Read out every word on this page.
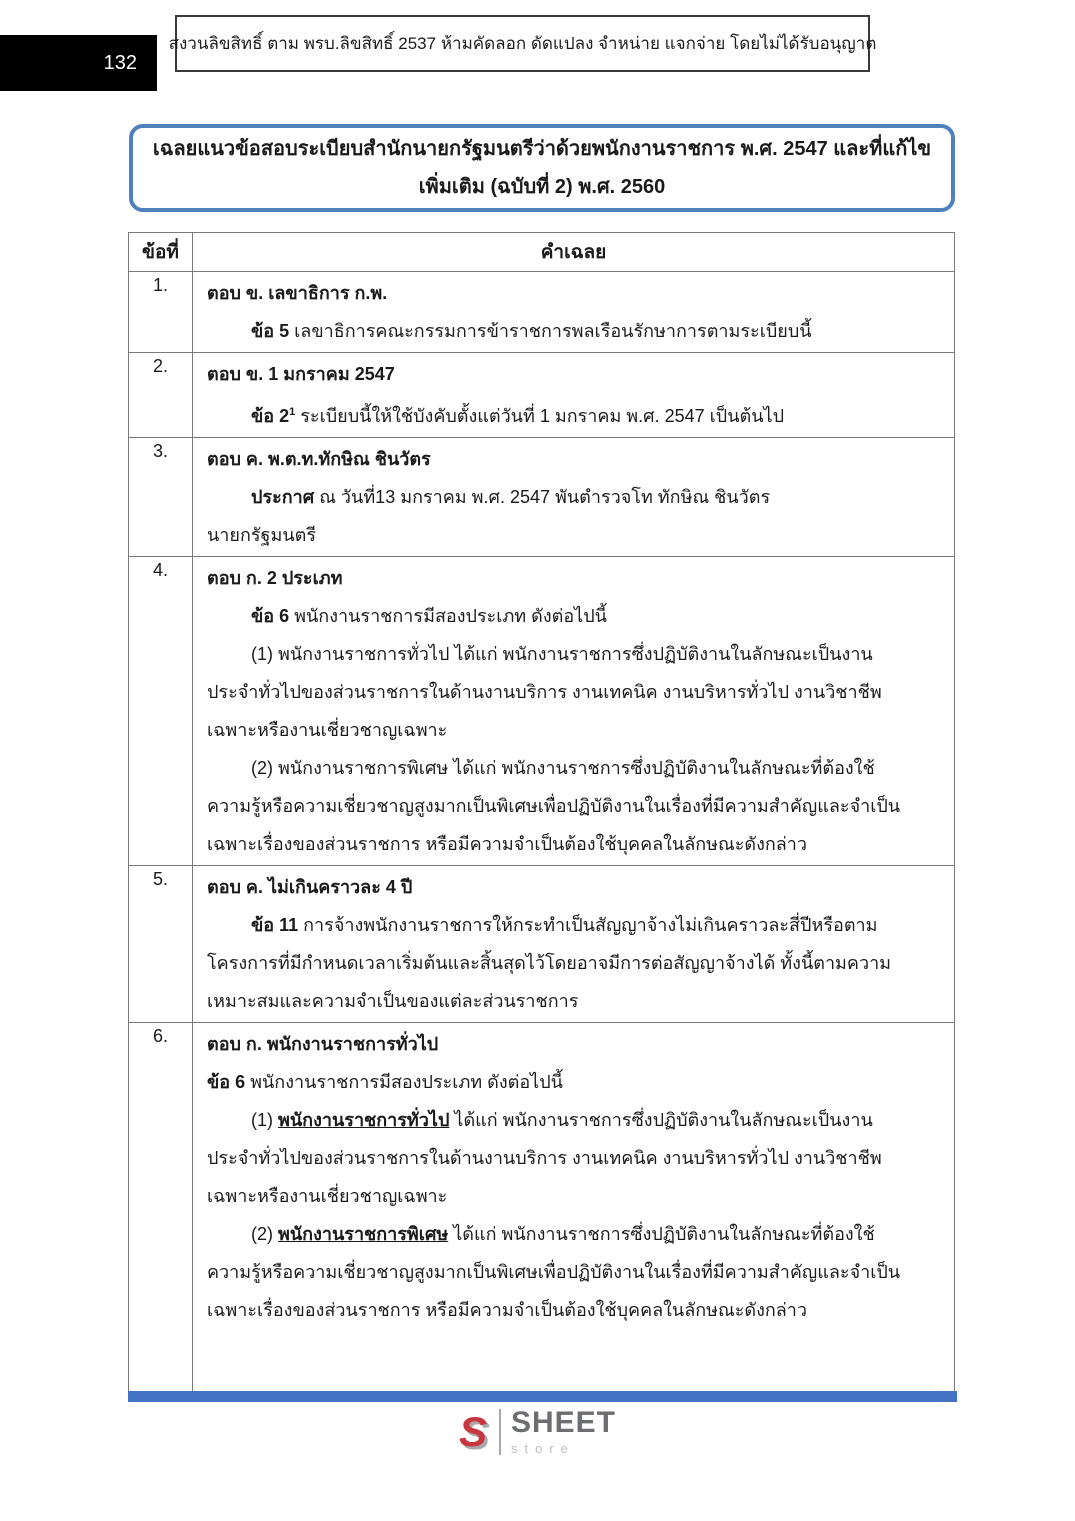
132
สงวนลิขสิทธิ์ ตาม พรบ.ลิขสิทธิ์ 2537 ห้ามคัดลอก ดัดแปลง จำหน่าย แจกจ่าย โดยไม่ได้รับอนุญาต
เฉลยแนวข้อสอบระเบียบสำนักนายกรัฐมนตรีว่าด้วยพนักงานราชการ พ.ศ. 2547 และที่แก้ไข
เพิ่มเติม (ฉบับที่ 2) พ.ศ. 2560
ข้อที่	คำเฉลย
1.	ตอบ ข. เลขาธิการ ก.พ.
ข้อ 5 เลขาธิการคณะกรรมการข้าราชการพลเรือนรักษาการตามระเบียบนี้

2.	ตอบ ข. 1 มกราคม 2547
ข้อ $2^1$ ระเบียบนี้ให้ใช้บังคับตั้งแต่วันที่ 1 มกราคม พ.ศ. 2547 เป็นต้นไป

3.	ตอบ ค. พ.ต.ท.ทักษิณ ชินวัตร
ประกาศ ณ วันที่13 มกราคม พ.ศ. 2547 พันตำรวจโท ทักษิณ ชินวัตร
นายกรัฐมนตรี

4.	ตอบ ก. 2 ประเภท
ข้อ 6 พนักงานราชการมีสองประเภท ดังต่อไปนี้
(1) พนักงานราชการทั่วไป ได้แก่ พนักงานราชการซึ่งปฏิบัติงานในลักษณะเป็นงาน
ประจำทั่วไปของส่วนราชการในด้านงานบริการ งานเทคนิค งานบริหารทั่วไป งานวิชาชีพ
เฉพาะหรืองานเชี่ยวชาญเฉพาะ
(2) พนักงานราชการพิเศษ ได้แก่ พนักงานราชการซึ่งปฏิบัติงานในลักษณะที่ต้องใช้
ความรู้หรือความเชี่ยวชาญสูงมากเป็นพิเศษเพื่อปฏิบัติงานในเรื่องที่มีความสำคัญและจำเป็น
เฉพาะเรื่องของส่วนราชการ หรือมีความจำเป็นต้องใช้บุคคลในลักษณะดังกล่าว

5.	ตอบ ค. ไม่เกินคราวละ 4 ปี
ข้อ 11 การจ้างพนักงานราชการให้กระทำเป็นสัญญาจ้างไม่เกินคราวละสี่ปีหรือตาม
โครงการที่มีกำหนดเวลาเริ่มต้นและสิ้นสุดไว้โดยอาจมีการต่อสัญญาจ้างได้ ทั้งนี้ตามความ
เหมาะสมและความจำเป็นของแต่ละส่วนราชการ

6.	ตอบ ก. พนักงานราชการทั่วไป
ข้อ 6 พนักงานราชการมีสองประเภท ดังต่อไปนี้
(1) พนักงานราชการทั่วไป ได้แก่ พนักงานราชการซึ่งปฏิบัติงานในลักษณะเป็นงาน
ประจำทั่วไปของส่วนราชการในด้านงานบริการ งานเทคนิค งานบริหารทั่วไป งานวิชาชีพ
เฉพาะหรืองานเชี่ยวชาญเฉพาะ
(2) พนักงานราชการพิเศษ ได้แก่ พนักงานราชการซึ่งปฏิบัติงานในลักษณะที่ต้องใช้
ความรู้หรือความเชี่ยวชาญสูงมากเป็นพิเศษเพื่อปฏิบัติงานในเรื่องที่มีความสำคัญและจำเป็น
เฉพาะเรื่องของส่วนราชการ หรือมีความจำเป็นต้องใช้บุคคลในลักษณะดังกล่าว
S SHEET
store
